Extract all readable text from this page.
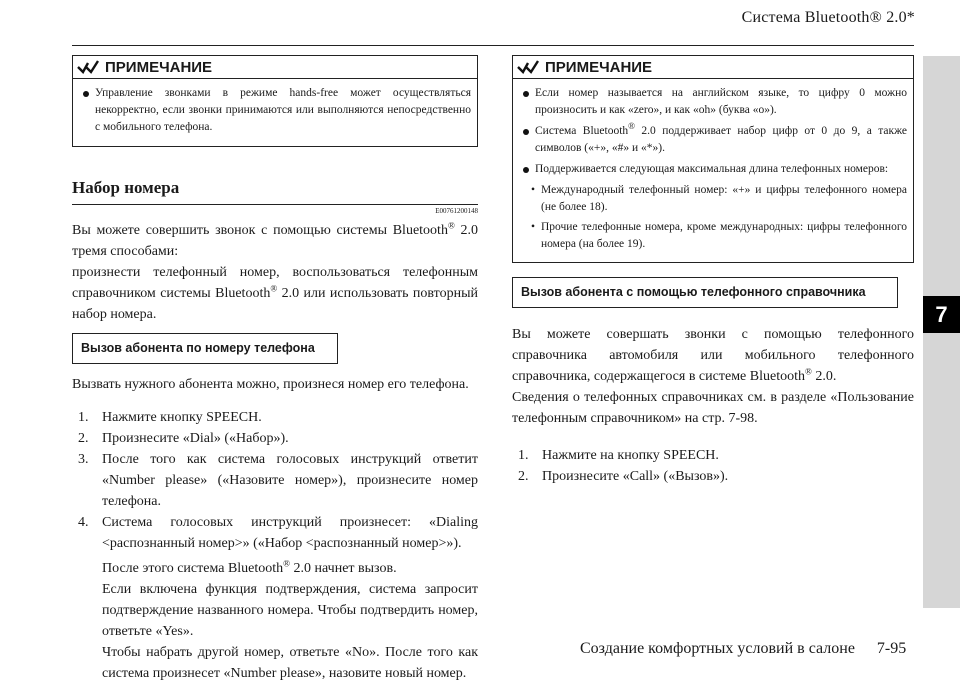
Система Bluetooth® 2.0*
7
ПРИМЕЧАНИЕ
Управление звонками в режиме hands-free может осуществляться некорректно, если звонки принимаются или выполняются непосредственно с мобильного телефона.
Набор номера
E00761200148

Вы можете совершить звонок с помощью системы Bluetooth® 2.0 тремя способами:

произнести телефонный номер, воспользоваться телефонным справочником системы Bluetooth® 2.0 или использовать повторный набор номера.

Вызов абонента по номеру телефона

Вызвать нужного абонента можно, произнеся номер его телефона.

1. Нажмите кнопку SPEECH.
2. Произнесите «Dial» («Набор»).
3. После того как система голосовых инструкций ответит «Number please» («Назовите номер»), произнесите номер телефона.
4. Система голосовых инструкций произнесет: «Dialing <распознанный номер>» («Набор <распознанный номер>»).

После этого система Bluetooth® 2.0 начнет вызов.

Если включена функция подтверждения, система запросит подтверждение названного номера. Чтобы подтвердить номер, ответьте «Yes».

Чтобы набрать другой номер, ответьте «No». После того как система произнесет «Number please», назовите новый номер.

ПРИМЕЧАНИЕ
Если номер называется на английском языке, то цифру 0 можно произносить и как «zero», и как «oh» (буква «o»).
Система Bluetooth® 2.0 поддерживает набор цифр от 0 до 9, а также символов («+», «#» и «*»).
Поддерживается следующая максимальная длина телефонных номеров:
• Международный телефонный номер: «+» и цифры телефонного номера (не более 18).
• Прочие телефонные номера, кроме международных: цифры телефонного номера (на более 19).
Вызов абонента с помощью телефонного справочника

Вы можете совершать звонки с помощью телефонного справочника автомобиля или мобильного телефонного справочника, содержащегося в системе Bluetooth® 2.0.

Сведения о телефонных справочниках см. в разделе «Пользование телефонным справочником» на стр. 7-98.

1. Нажмите на кнопку SPEECH.
2. Произнесите «Call» («Вызов»).
Создание комфортных условий в салоне 7-95
